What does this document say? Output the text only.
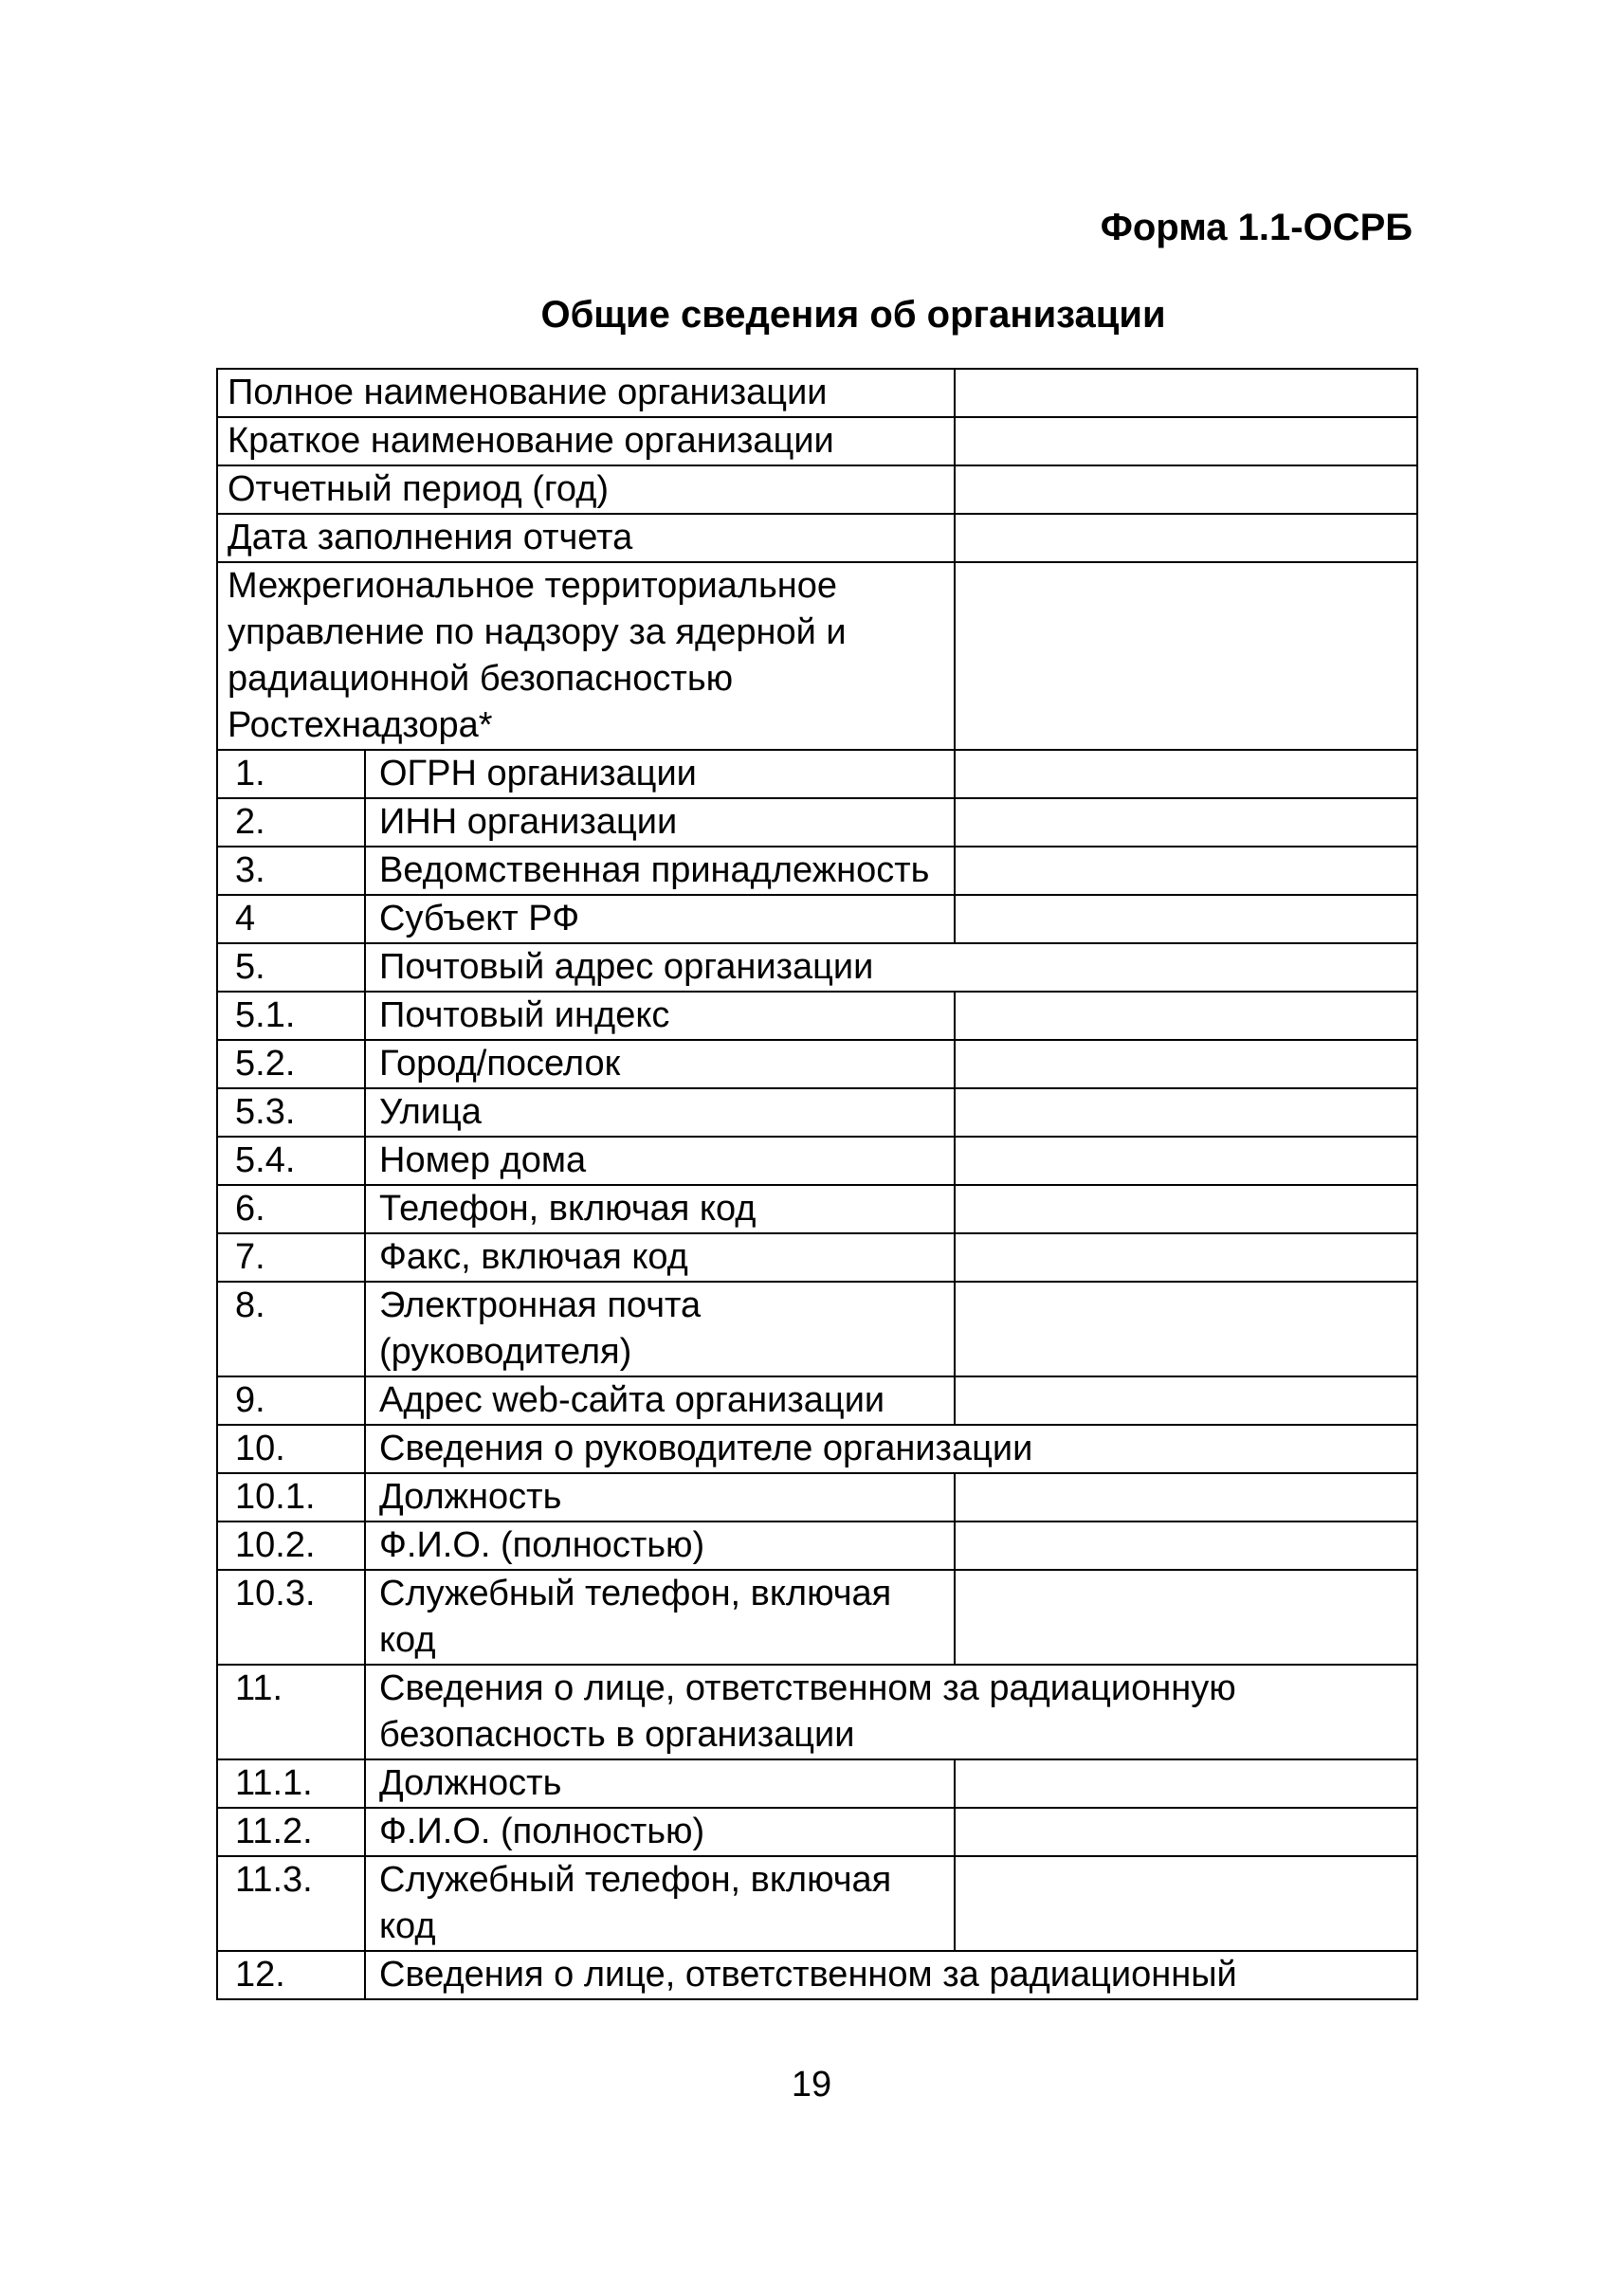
Форма 1.1-ОСРБ
Общие сведения об организации
Полное наименование организации		
Краткое наименование организации		
Отчетный период (год)		
Дата заполнения отчета		
Межрегиональное территориальное управление по надзору за ядерной и радиационной безопасностью Ростехнадзора*		
1.	ОГРН организации	
2.	ИНН организации	
3.	Ведомственная принадлежность	
4	Субъект РФ	
5.	Почтовый адрес организации	
5.1.	Почтовый индекс	
5.2.	Город/поселок	
5.3.	Улица	
5.4.	Номер дома	
6.	Телефон, включая код	
7.	Факс, включая код	
8.	Электронная почта (руководителя)	
9.	Адрес web-сайта организации	
10.	Сведения о руководителе организации	
10.1.	Должность	
10.2.	Ф.И.О. (полностью)	
10.3.	Служебный телефон, включая код	
11.	Сведения о лице, ответственном за радиационную безопасность в организации	
11.1.	Должность	
11.2.	Ф.И.О. (полностью)	
11.3.	Служебный телефон, включая код	
12.	Сведения о лице, ответственном за радиационный	
19
